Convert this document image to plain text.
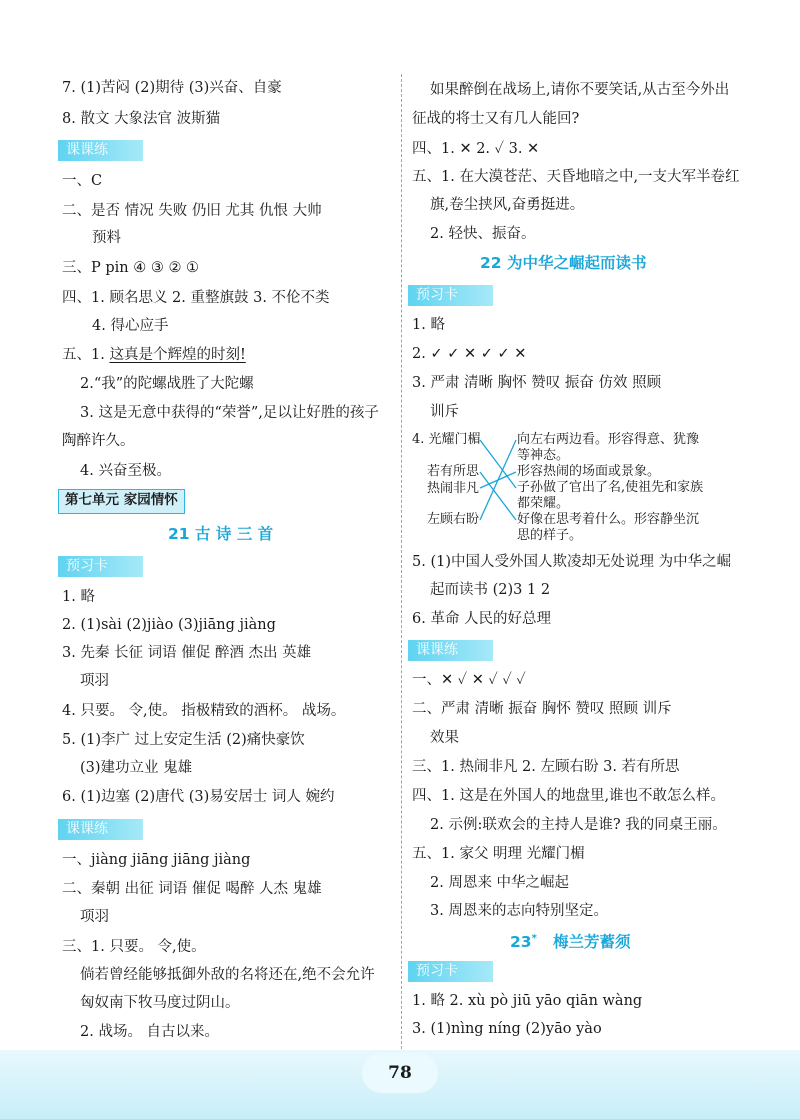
7. (1)苦闷 (2)期待 (3)兴奋、自豪
8. 散文 大象法官 波斯猫
课课练
一、C
二、是否 情况 失败 仍旧 尤其 仇恨 大帅
预料
三、P pin ④ ③ ② ①
四、1. 顾名思义 2. 重整旗鼓 3. 不伦不类
4. 得心应手
五、1. 这真是个辉煌的时刻!
2.“我”的陀螺战胜了大陀螺
3. 这是无意中获得的“荣誉”,足以让好胜的孩子
陶醉许久。
4. 兴奋至极。
第七单元 家园情怀
21 古 诗 三 首
预习卡
1. 略
2. (1)sài (2)jiào (3)jiāng jiàng
3. 先秦 长征 词语 催促 醉酒 杰出 英雄
项羽
4. 只要。 令,使。 指极精致的酒杯。 战场。
5. (1)李广 过上安定生活 (2)痛快豪饮
(3)建功立业 鬼雄
6. (1)边塞 (2)唐代 (3)易安居士 词人 婉约
课课练
一、jiàng jiāng jiāng jiàng
二、秦朝 出征 词语 催促 喝醉 人杰 鬼雄
项羽
三、1. 只要。 令,使。
倘若曾经能够抵御外敌的名将还在,绝不会允许
匈奴南下牧马度过阴山。
2. 战场。 自古以来。
如果醉倒在战场上,请你不要笑话,从古至今外出
征战的将士又有几人能回?
四、1. ✕ 2. ✓ 3. ✕
五、1. 在大漠苍茫、天昏地暗之中,一支大军半卷红
旗,卷尘挟风,奋勇挺进。
2. 轻快、振奋。
22 为中华之崛起而读书
预习卡
1. 略
2. ✓ ✓ ✕ ✓ ✓ ✕
3. 严肃 清晰 胸怀 赞叹 振奋 仿效 照顾
训斥
4. 光耀门楣
若有所思
热闹非凡
左顾右盼
向左右两边看。形容得意、犹豫
等神态。
形容热闹的场面或景象。
子孙做了官出了名,使祖先和家族
都荣耀。
好像在思考着什么。形容静坐沉
思的样子。
5. (1)中国人受外国人欺凌却无处说理 为中华之崛
起而读书 (2)3 1 2
6. 革命 人民的好总理
课课练
一、✕ ✓ ✕ ✓ ✓ ✓
二、严肃 清晰 振奋 胸怀 赞叹 照顾 训斥
效果
三、1. 热闹非凡 2. 左顾右盼 3. 若有所思
四、1. 这是在外国人的地盘里,谁也不敢怎么样。
2. 示例:联欢会的主持人是谁? 我的同桌王丽。
五、1. 家父 明理 光耀门楣
2. 周恩来 中华之崛起
3. 周恩来的志向特别坚定。
23* 梅兰芳蓄须
预习卡
1. 略 2. xù pò jiū yāo qiān wàng
3. (1)nìng níng (2)yāo yào
78
